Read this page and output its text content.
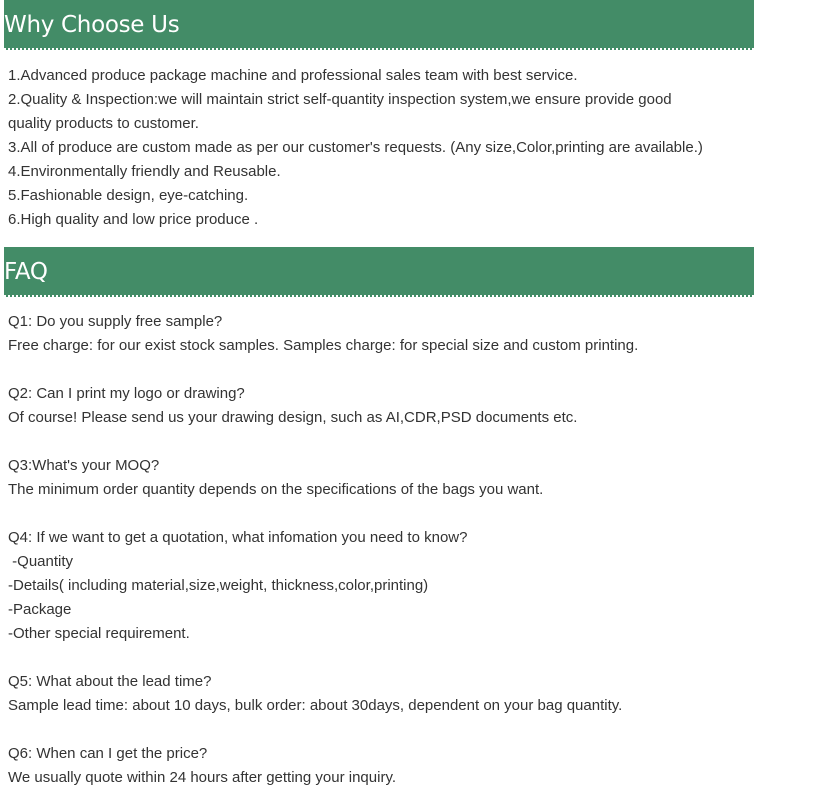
Why Choose Us
1.Advanced produce package machine and professional sales team with best service.
2.Quality & Inspection:we will maintain strict self-quantity inspection system,we ensure provide good
quality products to customer.
3.All of produce are custom made as per our customer's requests. (Any size,Color,printing are available.)
4.Environmentally friendly and Reusable.
5.Fashionable design, eye-catching.
6.High quality and low price produce .
FAQ
Q1: Do you supply free sample?
Free charge: for our exist stock samples. Samples charge: for special size and custom printing.
Q2: Can I print my logo or drawing?
Of course! Please send us your drawing design, such as AI,CDR,PSD documents etc.
Q3:What's your MOQ?
The minimum order quantity depends on the specifications of the bags you want.
Q4: If we want to get a quotation, what infomation you need to know?
-Quantity
-Details( including material,size,weight, thickness,color,printing)
-Package
-Other special requirement.
Q5: What about the lead time?
Sample lead time: about 10 days, bulk order: about 30days, dependent on your bag quantity.
Q6: When can I get the price?
We usually quote within 24 hours after getting your inquiry.
